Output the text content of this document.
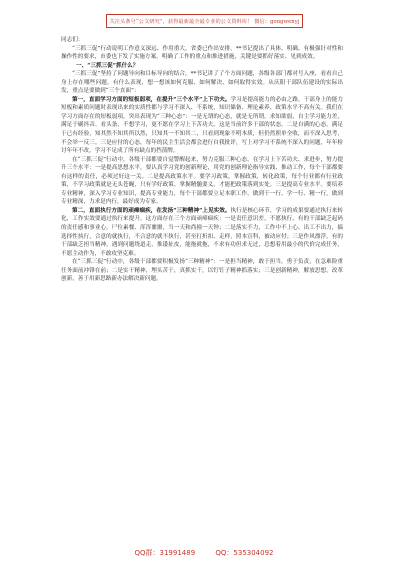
关注头条号“公文研究”，获得最新最全最专业的公文资料库！ 微信：gongwenyj

同志们：

“三抓三促”行动说明工作意义深远、作用重大，省委已作出安排，**书记提出了具体、明确、有极强针对性和操作性的要求，市委也下发了实施方案，明确了工作的重点和推进措施，关键是要抓好落实、见到成效。

一、“三抓三促”抓什么？

“三抓三促”坚持了问题导向和目标导向的结合，**书记讲了了个方面问题，各级各部门都对号入座，看看自己身上存在哪些问题，有什么表现，想一想该如何克服、如何解决、如何取得实效。从庆阳干部队伍建设的实际出发，重点是要做到“三个直面”：

第一，直面学习方面的短板弱项，在提升“三个水平”上下功夫。学习是提高能力的必由之路，干部身上的能力短板和素质问题时表现出来的实质性都与学习不深入、不系统，知识储备、理论素养、政策水平不高有关。我们在学习方面存在的短板弱项，突出表现为“三种心态”：一是无谓的心态，就是无所谓，求知欲弱，自主学习能力差，满足于刷抖音、看头条，不想学习，更不愿在学习上下苦功夫，这是当前许多干部的状态。二是自满的心态，满足于已有经验，知其然不知其所以然，只知其一不知其二，只看到现象不明本质，但仍然照单全收，而不深入思考，不会举一反三。三是应付的心态，每年的民主生活会都会进行自我批评，写上对学习不系统不深入的问题，年年检讨年年不改，学习不足成了所有缺点的挡箭牌。

在“三抓三促”行动中，各级干部都要自觉警醒起来，努力克服三种心态，在学习上下苦功夫、求进步，努力提升三个水平：一是提高思想水平。要认真学习党的创新理论，用党的创新理论指导实践、推动工作，每个干部都要有这样的责任，必须过好这一关。二是提高政策水平。要学习政策，掌握政策，转化政策，每个行业都有行业政策，不学习政策就是无头苍蝇，只有学好政策、掌握精髓要义，才能把政策落到实处。三是提高专业水平。要培养专业精神，深入学习专业知识，提高专业能力，每个干部都要立足本职工作，做到干一行、学一行、精一行，做到专业精深，力求是内行，最好成为专家。

第二，直面执行方面的顽瘴痼疾，在发扬“三种精神”上见实效。执行是核心环节，学习的成果要通过执行来转化，工作实效要通过执行来提升。这方面存在三个方面顽瘴痼疾：一是责任意识差，不愿执行，有的干部缺乏起码的责任感和事业心，尸位素餐、浑浑噩噩，当一天和尚撞一天钟；二是落实不力，工作中不上心、出工不出力，搞选择性执行，合意的就执行，不合意的就不执行，甚至打折扣、走样，照本宣科，被动应付；三是作风漂浮，有的干部缺乏担当精神，遇到问题绕道走、推诿扯皮，能拖就拖，不求有功但求无过，总想着用最小的代价完成任务，不愿主动作为，不敢攻坚克难。

在“三抓三促”行动中，各级干部都要积极发扬“三种精神”：一是担当精神，敢于担当，勇于负责，在急难险重任务面前冲锋在前；二是实干精神，埋头苦干，真抓实干，以钉钉子精神抓落实；三是创新精神，解放思想，改革创新，善于用新思路新办法解决新问题。

QQ群：31991489	QQ：535304092
